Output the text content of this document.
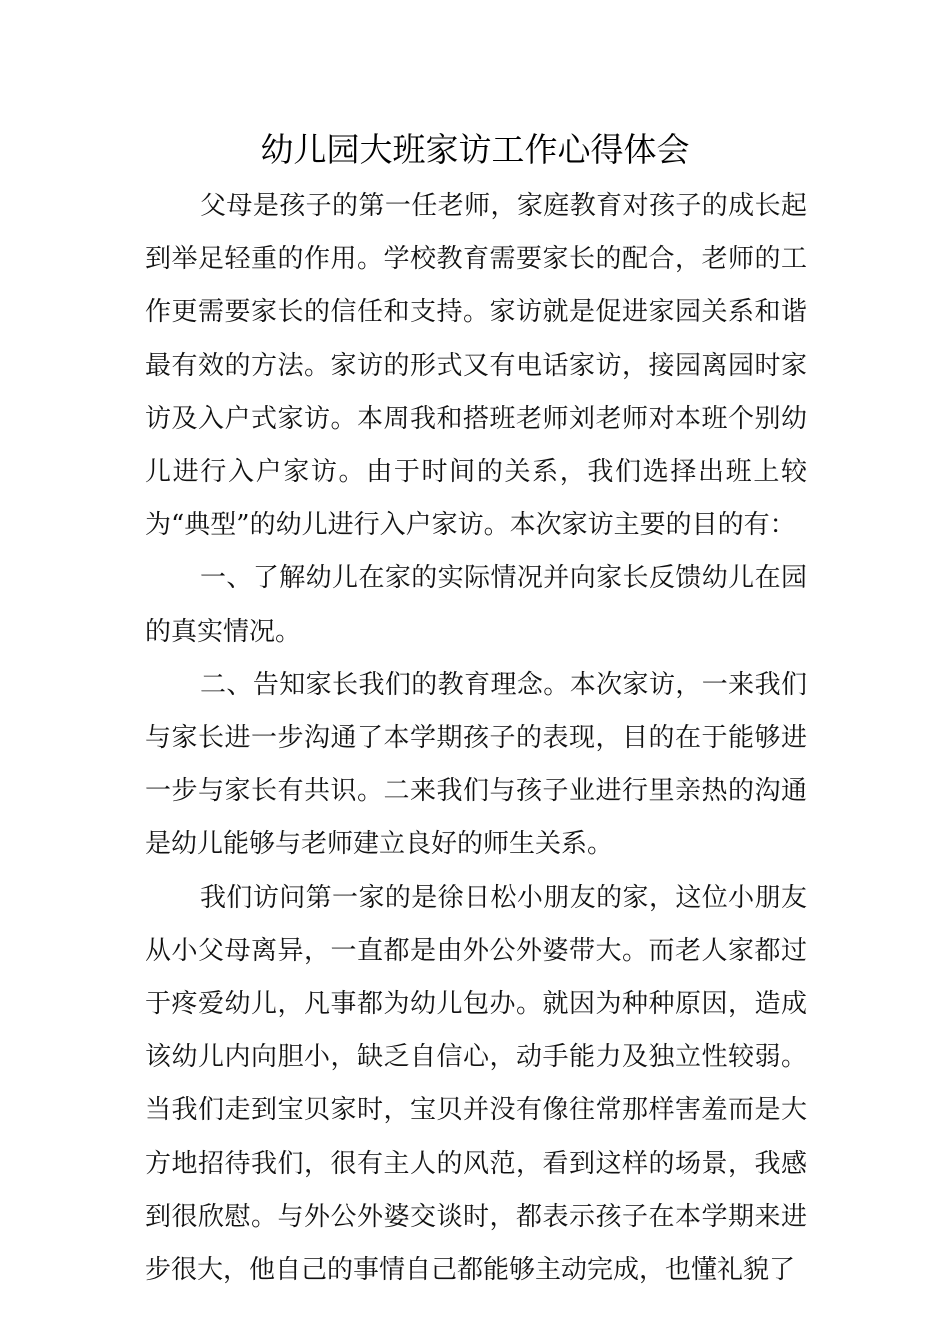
幼儿园大班家访工作心得体会

父母是孩子的第一任老师，家庭教育对孩子的成长起到举足轻重的作用。学校教育需要家长的配合，老师的工作更需要家长的信任和支持。家访就是促进家园关系和谐最有效的方法。家访的形式又有电话家访，接园离园时家访及入户式家访。本周我和搭班老师刘老师对本班个别幼儿进行入户家访。由于时间的关系，我们选择出班上较为“典型”的幼儿进行入户家访。本次家访主要的目的有：

一、了解幼儿在家的实际情况并向家长反馈幼儿在园的真实情况。

二、告知家长我们的教育理念。本次家访，一来我们与家长进一步沟通了本学期孩子的表现，目的在于能够进一步与家长有共识。二来我们与孩子业进行里亲热的沟通是幼儿能够与老师建立良好的师生关系。

我们访问第一家的是徐日松小朋友的家，这位小朋友从小父母离异，一直都是由外公外婆带大。而老人家都过于疼爱幼儿，凡事都为幼儿包办。就因为种种原因，造成该幼儿内向胆小，缺乏自信心，动手能力及独立性较弱。当我们走到宝贝家时，宝贝并没有像往常那样害羞而是大方地招待我们，很有主人的风范，看到这样的场景，我感到很欣慰。与外公外婆交谈时，都表示孩子在本学期来进步很大，他自己的事情自己都能够主动完成，也懂礼貌了
